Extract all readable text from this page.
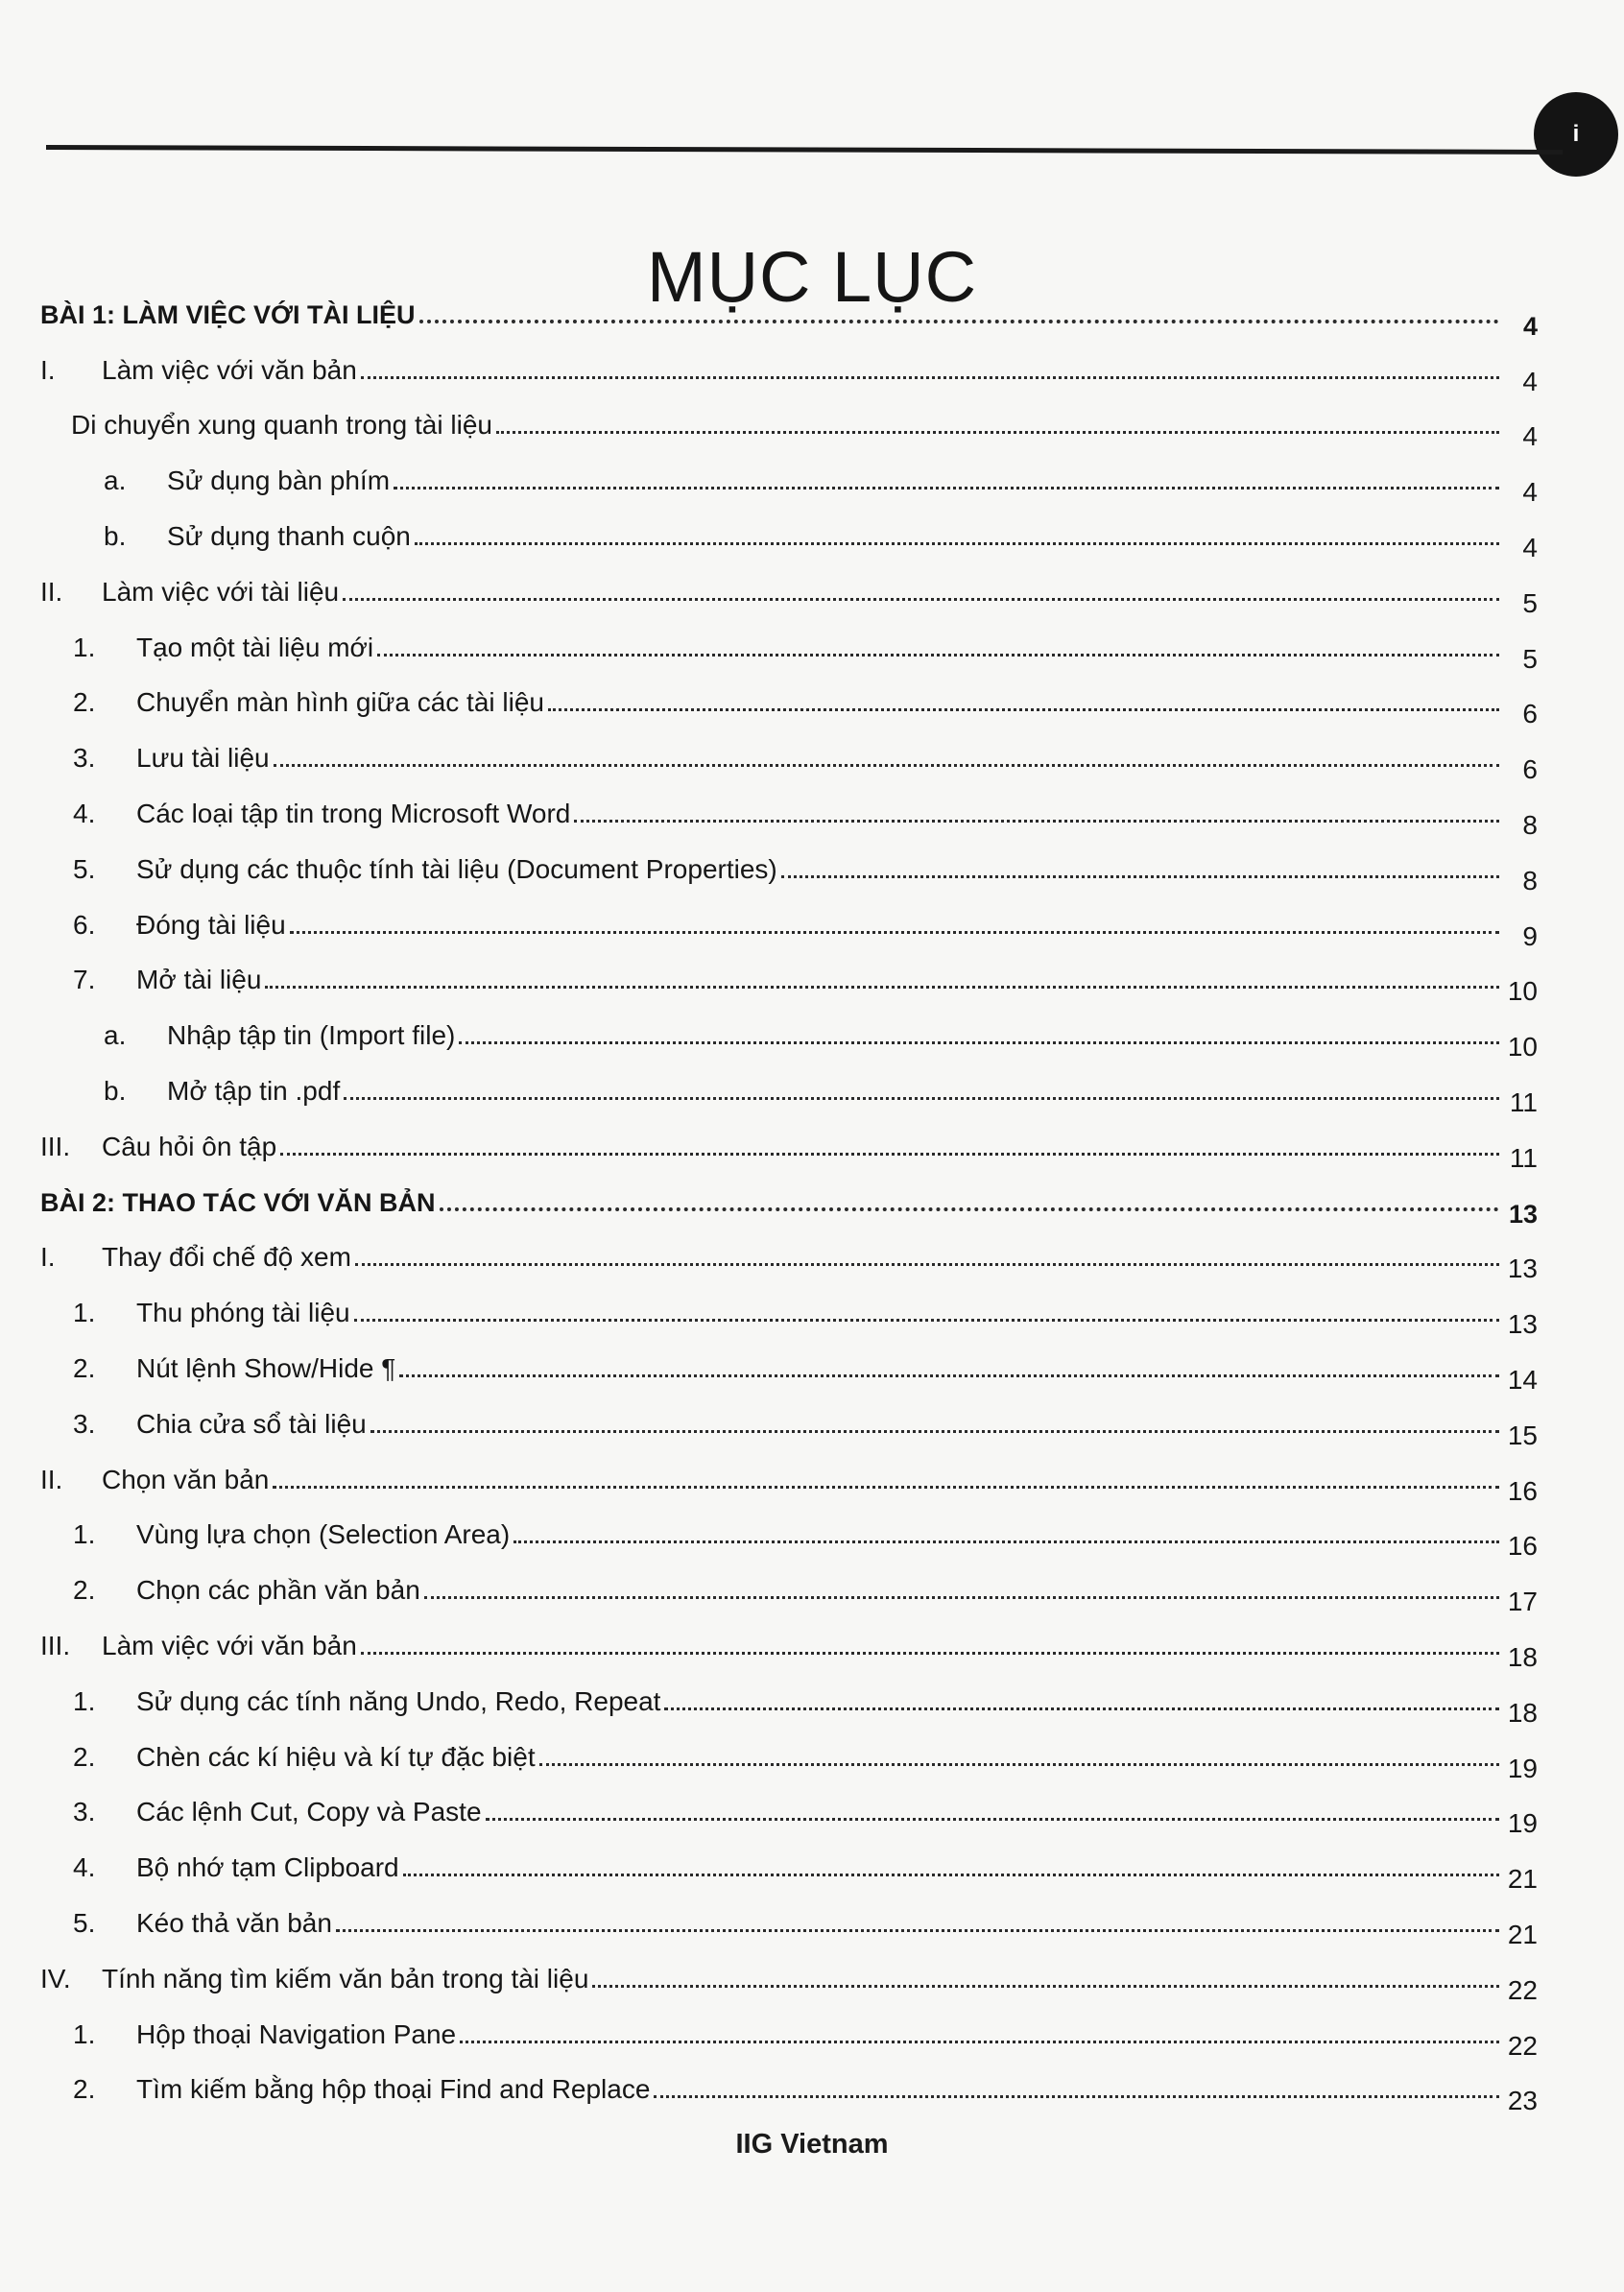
i
MỤC LỤC
BÀI 1: LÀM VIỆC VỚI TÀI LIỆU	4
I.	Làm việc với văn bản	4
Di chuyển xung quanh trong tài liệu	4
a.	Sử dụng bàn phím	4
b.	Sử dụng thanh cuộn	4
II.	Làm việc với tài liệu	5
1.	Tạo một tài liệu mới	5
2.	Chuyển màn hình giữa các tài liệu	6
3.	Lưu tài liệu	6
4.	Các loại tập tin trong Microsoft Word	8
5.	Sử dụng các thuộc tính tài liệu (Document Properties)	8
6.	Đóng tài liệu	9
7.	Mở tài liệu	10
a.	Nhập tập tin (Import file)	10
b.	Mở tập tin .pdf	11
III.	Câu hỏi ôn tập	11
BÀI 2: THAO TÁC VỚI VĂN BẢN	13
I.	Thay đổi chế độ xem	13
1.	Thu phóng tài liệu	13
2.	Nút lệnh Show/Hide ¶	14
3.	Chia cửa sổ tài liệu	15
II.	Chọn văn bản	16
1.	Vùng lựa chọn (Selection Area)	16
2.	Chọn các phần văn bản	17
III.	Làm việc với văn bản	18
1.	Sử dụng các tính năng Undo, Redo, Repeat	18
2.	Chèn các kí hiệu và kí tự đặc biệt	19
3.	Các lệnh Cut, Copy và Paste	19
4.	Bộ nhớ tạm Clipboard	21
5.	Kéo thả văn bản	21
IV.	Tính năng tìm kiếm văn bản trong tài liệu	22
1.	Hộp thoại Navigation Pane	22
2.	Tìm kiếm bằng hộp thoại Find and Replace	23
IIG Vietnam
